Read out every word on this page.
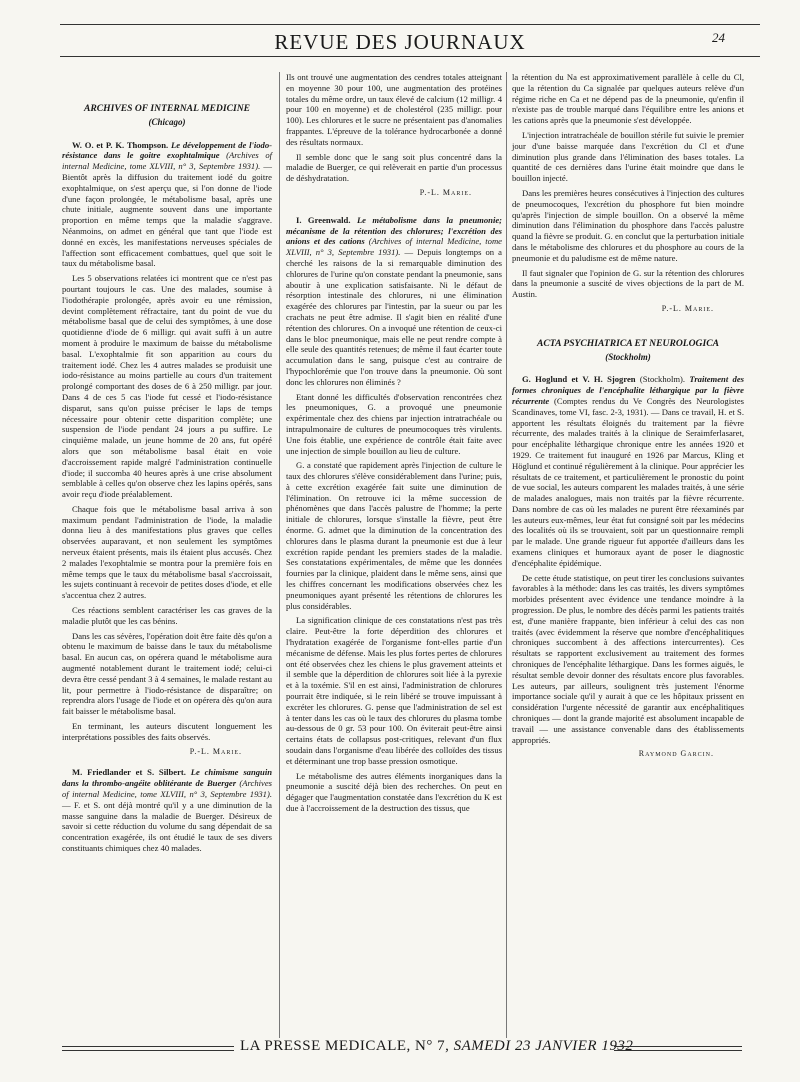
REVUE DES JOURNAUX	24
ARCHIVES OF INTERNAL MEDICINE
(Chicago)

W. O. et P. K. Thompson. Le développement de l'iodo-résistance dans le goitre exophtalmique (Archives of internal Medicine, tome XLVIII, n° 3, Septembre 1931). — Bientôt après la diffusion du traitement iodé du goitre exophtalmique, on s'est aperçu que, si l'on donne de l'iode d'une façon prolongée, le métabolisme basal, après une chute initiale, augmente souvent dans une importante proportion en même temps que la maladie s'aggrave. Néanmoins, on admet en général que tant que l'iode est donné en excès, les manifestations nerveuses spéciales de l'affection sont efficacement combattues, quel que soit le taux du métabolisme basal.

Les 5 observations relatées ici montrent que ce n'est pas pourtant toujours le cas. Une des malades, soumise à l'iodothérapie prolongée, après avoir eu une rémission, devint complètement réfractaire, tant du point de vue du métabolisme basal que de celui des symptômes, à une dose quotidienne d'iode de 6 milligr. qui avait suffi à un autre moment à produire le maximum de baisse du métabolisme basal. L'exophtalmie fit son apparition au cours du traitement iodé. Chez les 4 autres malades se produisit une iodo-résistance au moins partielle au cours d'un traitement prolongé comportant des doses de 6 à 250 milligr. par jour. Dans 4 de ces 5 cas l'iode fut cessé et l'iodo-résistance disparut, sans qu'on puisse préciser le laps de temps nécessaire pour obtenir cette disparition complète; une suspension de l'iode pendant 24 jours a pu suffire. Le cinquième malade, un jeune homme de 20 ans, fut opéré alors que son métabolisme basal était en voie d'accroissement rapide malgré l'administration continuelle d'iode; il succomba 40 heures après à une crise absolument semblable à celles qu'on observe chez les lapins opérés, sans avoir reçu d'iode préalablement.

Chaque fois que le métabolisme basal arriva à son maximum pendant l'administration de l'iode, la maladie donna lieu à des manifestations plus graves que celles observées auparavant, et non seulement les symptômes nerveux étaient présents, mais ils étaient plus accusés. Chez 2 malades l'exophtalmie se montra pour la première fois en même temps que le taux du métabolisme basal s'accroissait, les sujets continuant à recevoir de petites doses d'iode, et elle s'accentua chez 2 autres.

Ces réactions semblent caractériser les cas graves de la maladie plutôt que les cas bénins.

Dans les cas sévères, l'opération doit être faite dès qu'on a obtenu le maximum de baisse dans le taux du métabolisme basal. En aucun cas, on opérera quand le métabolisme aura augmenté notablement durant le traitement iodé; celui-ci devra être cessé pendant 3 à 4 semaines, le malade restant au lit, pour permettre à l'iodo-résistance de disparaître; on reprendra alors l'usage de l'iode et on opérera dès qu'on aura fait baisser le métabolisme basal.

En terminant, les auteurs discutent longuement les interprétations possibles des faits observés.

P.-L. Marie.

M. Friedlander et S. Silbert. Le chimisme sanguin dans la thrombo-angéite oblitérante de Buerger (Archives of internal Medicine, tome XLVIII, n° 3, Septembre 1931). — F. et S. ont déjà montré qu'il y a une diminution de la masse sanguine dans la maladie de Buerger. Désireux de savoir si cette réduction du volume du sang dépendait de sa concentration exagérée, ils ont étudié le taux de ses divers constituants chimiques chez 40 malades.

Ils ont trouvé une augmentation des cendres totales atteignant en moyenne 30 pour 100, une augmentation des protéines totales du même ordre, un taux élevé de calcium (12 milligr. 4 pour 100 en moyenne) et de cholestérol (235 milligr. pour 100). Les chlorures et le sucre ne présentaient pas d'anomalies frappantes. L'épreuve de la tolérance hydrocarbonée a donné des résultats normaux.

Il semble donc que le sang soit plus concentré dans la maladie de Buerger, ce qui relèverait en partie d'un processus de déshydratation.

P.-L. Marie.

I. Greenwald. Le métabolisme dans la pneumonie; mécanisme de la rétention des chlorures; l'excrétion des anions et des cations (Archives of internal Medicine, tome XLVIII, n° 3, Septembre 1931). — Depuis longtemps on a cherché les raisons de la si remarquable diminution des chlorures de l'urine qu'on constate pendant la pneumonie, sans aboutir à une explication satisfaisante. Ni le défaut de résorption intestinale des chlorures, ni une élimination exagérée des chlorures par l'intestin, par la sueur ou par les crachats ne peut être admise. Il s'agit bien en réalité d'une rétention des chlorures. On a invoqué une rétention de ceux-ci dans le bloc pneumonique, mais elle ne peut rendre compte à elle seule des quantités retenues; de même il faut écarter toute accumulation dans le sang, puisque c'est au contraire de l'hypochlorémie que l'on trouve dans la pneumonie. Où sont donc les chlorures non éliminés ?

Etant donné les difficultés d'observation rencontrées chez les pneumoniques, G. a provoqué une pneumonie expérimentale chez des chiens par injection intratrachéale ou intrapulmonaire de cultures de pneumocoques très virulents. Une fois établie, une expérience de contrôle était faite avec une injection de simple bouillon au lieu de culture.

G. a constaté que rapidement après l'injection de culture le taux des chlorures s'élève considérablement dans l'urine; puis, à cette excrétion exagérée fait suite une diminution de l'élimination. On retrouve ici la même succession de phénomènes que dans l'accès palustre de l'homme; la perte initiale de chlorures, lorsque s'installe la fièvre, peut être énorme. G. admet que la diminution de la concentration des chlorures dans le plasma durant la pneumonie est due à leur excrétion rapide pendant les premiers stades de la maladie. Ses constatations expérimentales, de même que les données fournies par la clinique, plaident dans le même sens, ainsi que les chiffres concernant les modifications observées chez les pneumoniques ayant présenté les rétentions de chlorures les plus considérables.

La signification clinique de ces constatations n'est pas très claire. Peut-être la forte déperdition des chlorures et l'hydratation exagérée de l'organisme font-elles partie d'un mécanisme de défense. Mais les plus fortes pertes de chlorures ont été observées chez les chiens le plus gravement atteints et il semble que la déperdition de chlorures soit liée à la pyrexie et à la toxémie. S'il en est ainsi, l'administration de chlorures pourrait être indiquée, si le rein libéré se trouve impuissant à excréter les chlorures. G. pense que l'administration de sel est à tenter dans les cas où le taux des chlorures du plasma tombe au-dessous de 0 gr. 53 pour 100. On éviterait peut-être ainsi certains états de collapsus post-critiques, relevant d'un flux soudain dans l'organisme d'eau libérée des colloïdes des tissus et déterminant une trop basse pression osmotique.

Le métabolisme des autres éléments inorganiques dans la pneumonie a suscité déjà bien des recherches. On peut en dégager que l'augmentation constatée dans l'excrétion du K est due à l'accroissement de la destruction des tissus, que

la rétention du Na est approximativement parallèle à celle du Cl, que la rétention du Ca signalée par quelques auteurs relève d'un régime riche en Ca et ne dépend pas de la pneumonie, qu'enfin il n'existe pas de trouble marqué dans l'équilibre entre les anions et les cations après que la pneumonie s'est développée.

L'injection intratrachéale de bouillon stérile fut suivie le premier jour d'une baisse marquée dans l'excrétion du Cl et d'une diminution plus grande dans l'élimination des bases totales. La quantité de ces dernières dans l'urine était moindre que dans le bouillon injecté.

Dans les premières heures consécutives à l'injection des cultures de pneumocoques, l'excrétion du phosphore fut bien moindre qu'après l'injection de simple bouillon. On a observé la même diminution dans l'élimination du phosphore dans l'accès palustre quand la fièvre se produit. G. en conclut que la perturbation initiale dans le métabolisme des chlorures et du phosphore au cours de la pneumonie et du paludisme est de même nature.

Il faut signaler que l'opinion de G. sur la rétention des chlorures dans la pneumonie a suscité de vives objections de la part de M. Austin.

P.-L. Marie.
ACTA PSYCHIATRICA ET NEUROLOGICA
(Stockholm)

G. Hoglund et V. H. Sjogren (Stockholm). Traitement des formes chroniques de l'encéphalite léthargique par la fièvre récurrente (Comptes rendus du Ve Congrès des Neurologistes Scandinaves, tome VI, fasc. 2-3, 1931). — Dans ce travail, H. et S. apportent les résultats éloignés du traitement par la fièvre récurrente, des malades traités à la clinique de Seraimferlasaret, pour encéphalite léthargique chronique entre les années 1920 et 1929. Ce traitement fut inauguré en 1926 par Marcus, Kling et Höglund et continué régulièrement à la clinique. Pour apprécier les résultats de ce traitement, et particulièrement le pronostic du point de vue social, les auteurs comparent les malades traités, à une série de malades analogues, mais non traités par la fièvre récurrente. Dans nombre de cas où les malades ne purent être réexaminés par les auteurs eux-mêmes, leur état fut consigné soit par les médecins des localités où ils se trouvaient, soit par un questionnaire rempli par le malade. Une grande rigueur fut apportée d'ailleurs dans les examens cliniques et humoraux ayant de poser le diagnostic d'encéphalite épidémique.

De cette étude statistique, on peut tirer les conclusions suivantes favorables à la méthode: dans les cas traités, les divers symptômes morbides présentent avec évidence une tendance moindre à la progression. De plus, le nombre des décès parmi les patients traités est, d'une manière frappante, bien inférieur à celui des cas non traités (avec évidemment la réserve que nombre d'encéphalitiques chroniques succombent à des affections intercurrentes). Ces résultats se rapportent exclusivement au traitement des formes chroniques de l'encéphalite léthargique. Dans les formes aiguës, le résultat semble devoir donner des résultats encore plus favorables. Les auteurs, par ailleurs, soulignent très justement l'énorme importance sociale qu'il y aurait à que ce les hôpitaux prissent en considération l'urgente nécessité de garantir aux encéphalitiques chroniques — dont la grande majorité est absolument incapable de travail — une assistance convenable dans des établissements appropriés.

Raymond Garcin.
LA PRESSE MEDICALE, N° 7, SAMEDI 23 JANVIER 1932
